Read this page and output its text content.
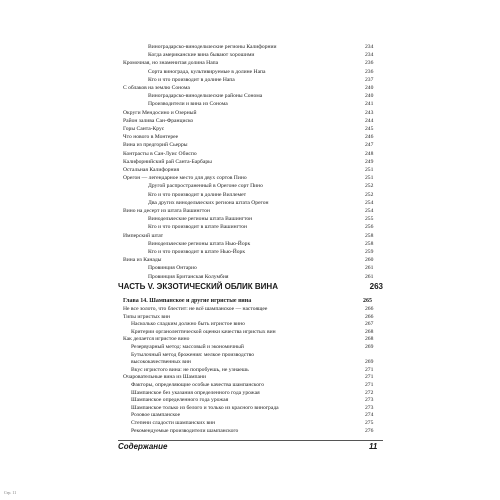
Виноградарско-винодельческие регионы Калифорнии	234
Когда американские вина бывают хорошими	234
Кромочная, но знаменитая долина Напа	236
Сорта винограда, культивируемые в долине Напа	236
Кто и что производит в долине Напа	237
С облаков на землю Сонома	240
Виноградарско-винодельческие районы Сонома	240
Производители и вина из Сонома	241
Округи Мендосино и Озерный	243
Район залива Сан-Франциско	244
Горы Санта-Крус	245
Что нового в Монтерее	246
Вина из предгорий Сьерры	247
Контрасты в Сан-Луис Обиспо	248
Калифорнийский рай Санта-Барбары	249
Остальная Калифорния	251
Орегон — легендарное место для двух сортов Пино	251
Другой распространенный в Орегоне сорт Пино	252
Кто и что производит в долине Виллемет	252
Два других винодельческих региона штата Орегон	254
Вино на десерт из штата Вашингтон	254
Винодельческие регионы штата Вашингтон	255
Кто и что производит в штате Вашингтон	256
Имперский штат	258
Винодельческие регионы штата Нью-Йорк	258
Кто и что производит в штате Нью-Йорк	259
Вина из Канады	260
Провинция Онтарио	261
Провинция Британская Колумбия	261
ЧАСТЬ V. ЭКЗОТИЧЕСКИЙ ОБЛИК ВИНА	263
Глава 14. Шампанское и другие игристые вина	265
Не все золото, что блестит: не всё шампанское — настоящее	266
Типы игристых вин	266
Насколько сладким должно быть игристое вино	267
Критерии органолептической оценки качества игристых вин	268
Как делается игристое вино	268
Резервуарный метод: массовый и экономичный	269
Бутылочный метод брожения: мелкое производство
высококачественных вин	269
Вкус игристого вина: не попробуешь, не узнаешь	271
Очаровательные вина из Шампани	271
Факторы, определяющие особые качества шампанского	271
Шампанское без указания определенного года урожая	272
Шампанское определенного года урожая	273
Шампанское только из белого и только из красного винограда	273
Розовое шампанское	274
Степени сладости шампанских вин	275
Рекомендуемые производители шампанского	276
Содержание	11
Стр. 11
